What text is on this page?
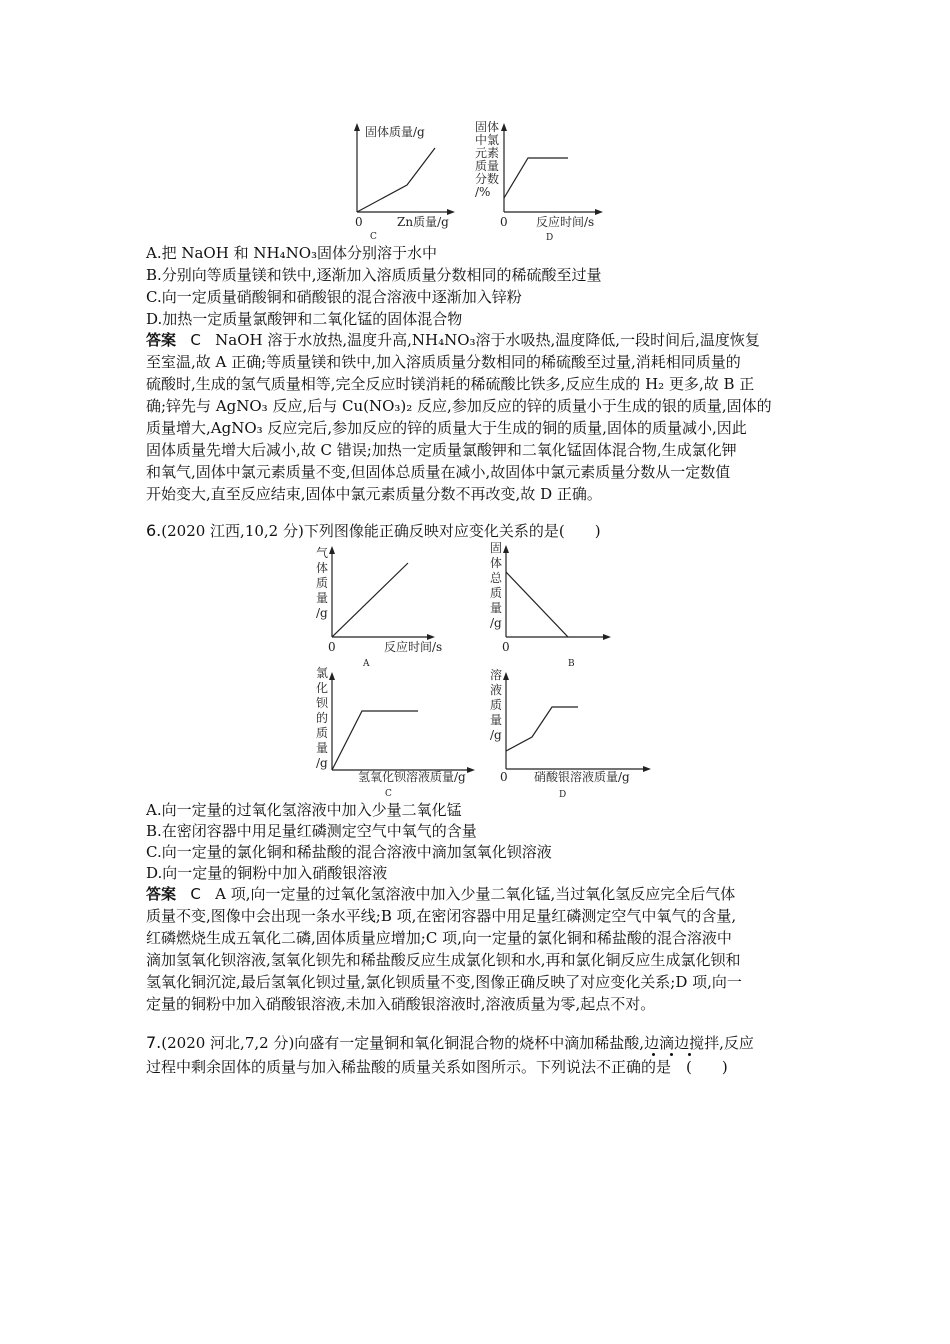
固体质量/g
0	Zn质量/g
C
固体
中氯
元素
质量
分数
/%
0 反应时间/s
D
A.把 NaOH 和 NH₄NO₃固体分别溶于水中
B.分别向等质量镁和铁中,逐渐加入溶质质量分数相同的稀硫酸至过量
C.向一定质量硝酸铜和硝酸银的混合溶液中逐渐加入锌粉
D.加热一定质量氯酸钾和二氧化锰的固体混合物
答案 C NaOH 溶于水放热,温度升高,NH₄NO₃溶于水吸热,温度降低,一段时间后,温度恢复
至室温,故 A 正确;等质量镁和铁中,加入溶质质量分数相同的稀硫酸至过量,消耗相同质量的
硫酸时,生成的氢气质量相等,完全反应时镁消耗的稀硫酸比铁多,反应生成的 H₂ 更多,故 B 正
确;锌先与 AgNO₃ 反应,后与 Cu(NO₃)₂ 反应,参加反应的锌的质量小于生成的银的质量,固体的
质量增大,AgNO₃ 反应完后,参加反应的锌的质量大于生成的铜的质量,固体的质量减小,因此
固体质量先增大后减小,故 C 错误;加热一定质量氯酸钾和二氧化锰固体混合物,生成氯化钾
和氧气,固体中氯元素质量不变,但固体总质量在减小,故固体中氯元素质量分数从一定数值
开始变大,直至反应结束,固体中氯元素质量分数不再改变,故 D 正确。
6.(2020 江西,10,2 分)下列图像能正确反映对应变化关系的是(　　)
气
体
质
量
/g
0	反应时间/s
A
固
体
总
质
量
/g
0
B
氯
化
钡
的
质
量
/g
氢氧化钡溶液质量/g
C
溶
液
质
量
/g
0 硝酸银溶液质量/g
D
A.向一定量的过氧化氢溶液中加入少量二氧化锰
B.在密闭容器中用足量红磷测定空气中氧气的含量
C.向一定量的氯化铜和稀盐酸的混合溶液中滴加氢氧化钡溶液
D.向一定量的铜粉中加入硝酸银溶液
答案 C A 项,向一定量的过氧化氢溶液中加入少量二氧化锰,当过氧化氢反应完全后气体
质量不变,图像中会出现一条水平线;B 项,在密闭容器中用足量红磷测定空气中氧气的含量,
红磷燃烧生成五氧化二磷,固体质量应增加;C 项,向一定量的氯化铜和稀盐酸的混合溶液中
滴加氢氧化钡溶液,氢氧化钡先和稀盐酸反应生成氯化钡和水,再和氯化铜反应生成氯化钡和
氢氧化铜沉淀,最后氢氧化钡过量,氯化钡质量不变,图像正确反映了对应变化关系;D 项,向一
定量的铜粉中加入硝酸银溶液,未加入硝酸银溶液时,溶液质量为零,起点不对。
7.(2020 河北,7,2 分)向盛有一定量铜和氧化铜混合物的烧杯中滴加稀盐酸,边滴边搅拌,反应
过程中剩余固体的质量与加入稀盐酸的质量关系如图所示。下列说法不正确的是　(　　)
